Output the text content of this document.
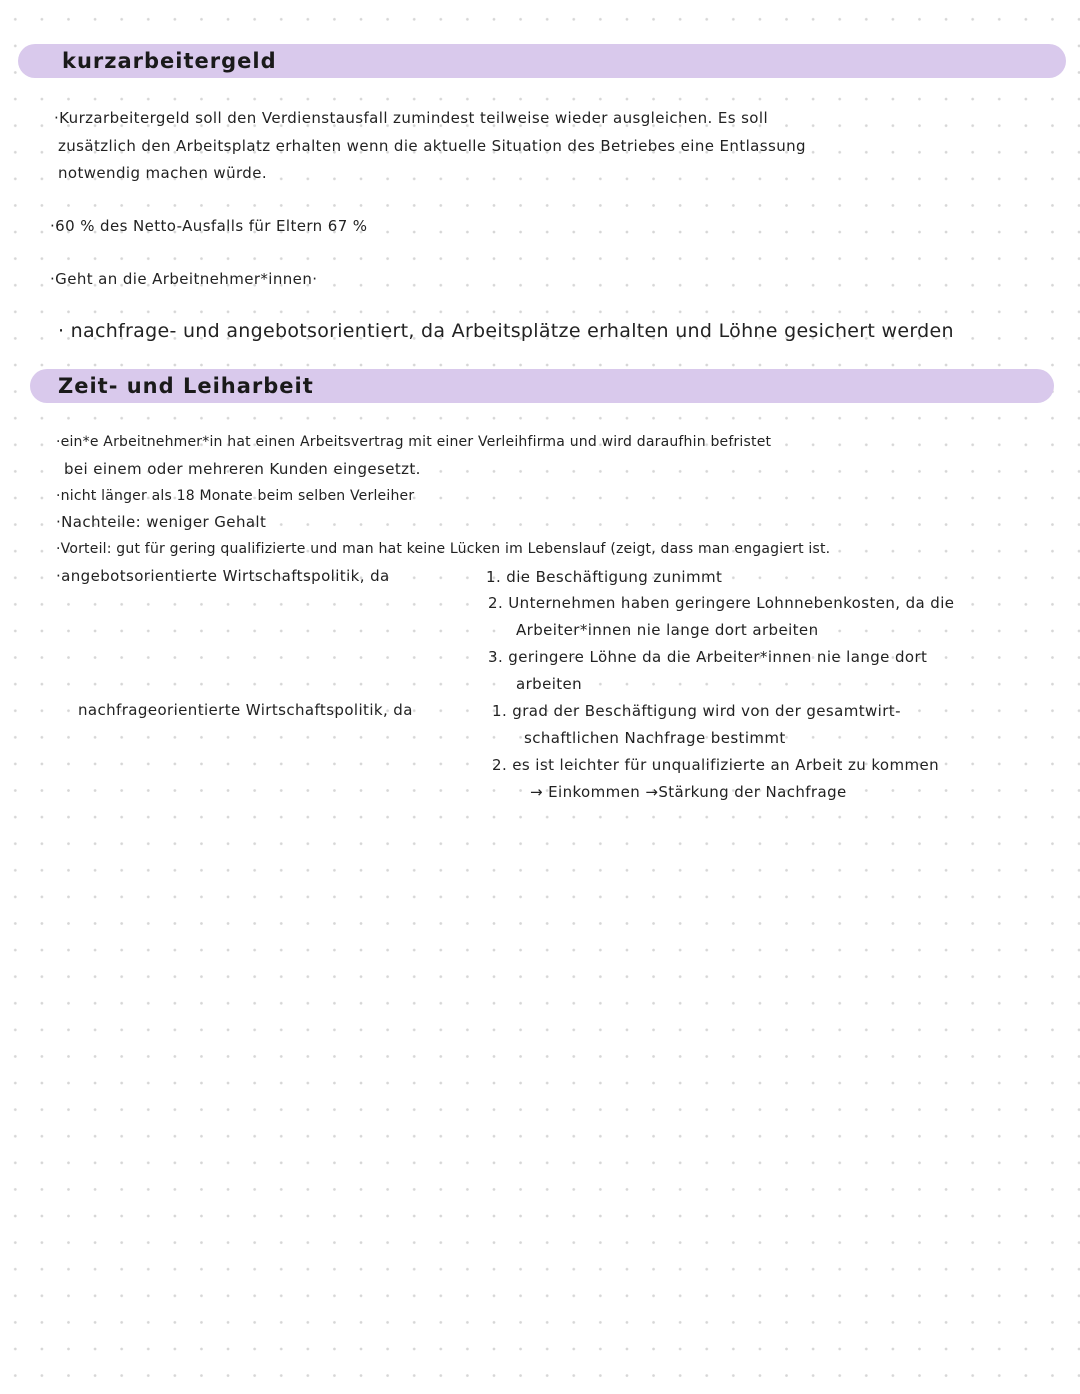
kurzarbeitergeld
·Kurzarbeitergeld soll den Verdienstausfall zumindest teilweise wieder ausgleichen. Es soll
zusätzlich den Arbeitsplatz erhalten wenn die aktuelle Situation des Betriebes eine Entlassung
notwendig machen würde.
·60 % des Netto-Ausfalls für Eltern 67 %
·Geht an die Arbeitnehmer*innen·
· nachfrage- und angebotsorientiert, da Arbeitsplätze erhalten und Löhne gesichert werden
Zeit- und Leiharbeit
·ein*e Arbeitnehmer*in hat einen Arbeitsvertrag mit einer Verleihfirma und wird daraufhin befristet
bei einem oder mehreren Kunden eingesetzt.
·nicht länger als 18 Monate beim selben Verleiher
·Nachteile: weniger Gehalt
·Vorteil: gut für gering qualifizierte und man hat keine Lücken im Lebenslauf (zeigt, dass man engagiert ist.
·angebotsorientierte Wirtschaftspolitik, da	1. die Beschäftigung zunimmt
2. Unternehmen haben geringere Lohnnebenkosten, da die
Arbeiter*innen nie lange dort arbeiten
3. geringere Löhne da die Arbeiter*innen nie lange dort
arbeiten
nachfrageorientierte Wirtschaftspolitik, da	1. grad der Beschäftigung wird von der gesamtwirt-
schaftlichen Nachfrage bestimmt
2. es ist leichter für unqualifizierte an Arbeit zu kommen
→ Einkommen →Stärkung der Nachfrage
